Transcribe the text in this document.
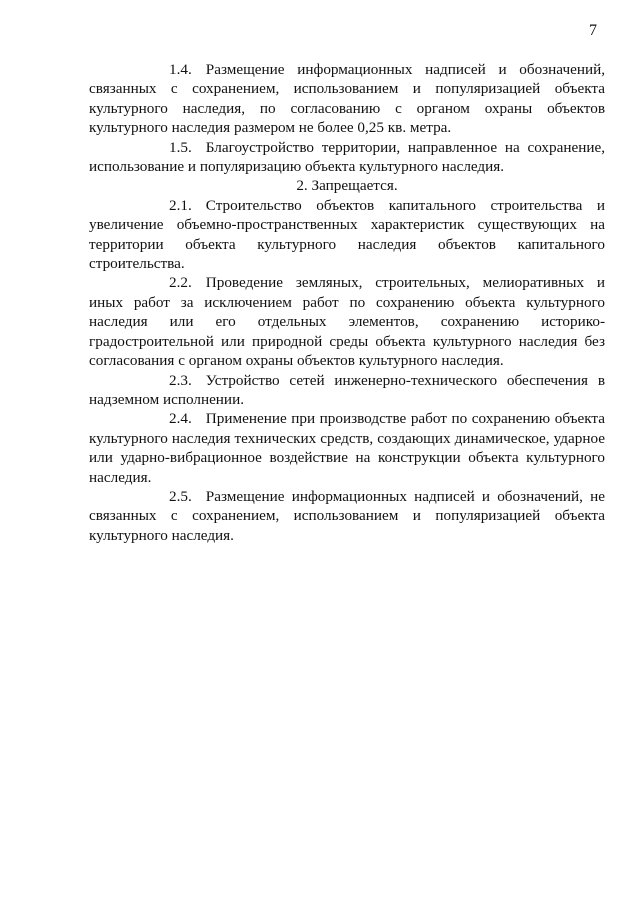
7

1.4. Размещение информационных надписей и обозначений, связанных с сохранением, использованием и популяризацией объекта культурного наследия, по согласованию с органом охраны объектов культурного наследия размером не более 0,25 кв. метра.

1.5. Благоустройство территории, направленное на сохранение, использование и популяризацию объекта культурного наследия.

2. Запрещается.

2.1. Строительство объектов капитального строительства и увеличение объемно-пространственных характеристик существующих на территории объекта культурного наследия объектов капитального строительства.

2.2. Проведение земляных, строительных, мелиоративных и иных работ за исключением работ по сохранению объекта культурного наследия или его отдельных элементов, сохранению историко-градостроительной или природной среды объекта культурного наследия без согласования с органом охраны объектов культурного наследия.

2.3. Устройство сетей инженерно-технического обеспечения в надземном исполнении.

2.4. Применение при производстве работ по сохранению объекта культурного наследия технических средств, создающих динамическое, ударное или ударно-вибрационное воздействие на конструкции объекта культурного наследия.

2.5. Размещение информационных надписей и обозначений, не связанных с сохранением, использованием и популяризацией объекта культурного наследия.
